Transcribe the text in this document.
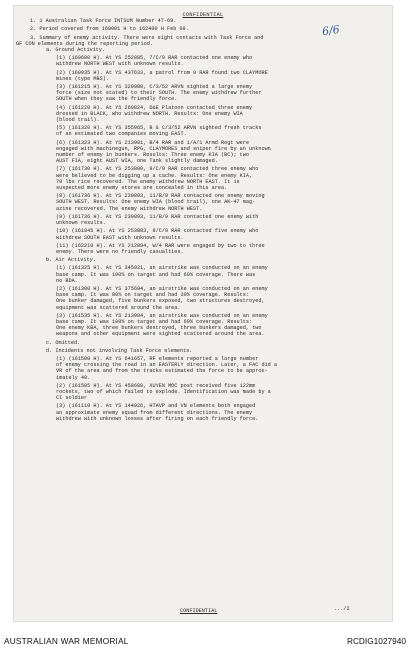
CONFIDENTIAL
1. 1 Australian Task Force INTSUM Number 47-69.
2. Period covered from 160001 H to 162400 H Feb 69.
3. Summary of enemy activity. There were eight contacts with Task Force and
GF CON elements during the reporting period.
a. Ground Activity.
(1) (160600 H). At YS 252885, 7/C/9 RAR contacted one enemy who
withdrew NORTH WEST with unknown results.
(2) (160935 H). At YS 437633, a patrol from 9 RAR found two CLAYMORE
mines (type MBS).
(3) (161215 H). At YS 329980, C/3/52 ARVN sighted a large enemy
force (size not stated) to their SOUTH. The enemy withdrew further
SOUTH when they saw the friendly force.
(4) (161220 H). At YS 269824, D&E Platoon contacted three enemy
dressed in BLACK, who withdrew NORTH. Results: One enemy WIA
(blood trail).
(5) (161320 H). At YS 355965, B & C/3/52 ARVN sighted fresh tracks
of an estimated two companies moving EAST.
(6) (161323 H). At YS 213901, B/4 RAR and 1/A/1 Armd Regt were
engaged with machinegun, RPG, CLAYMORES and sniper fire by an unknown
number of enemy in bunkers. Results: Three enemy KIA (BC); two
AUST FIA, eight AUST WIA, one Tank slightly damaged.
(7) (161730 H). At YS 253800, 9/C/9 RAR contacted three enemy who
were believed to be digging up a cache. Results: One enemy KIA,
70 lbs rice recovered. The enemy withdrew NORTH EAST. It is
suspected more enemy stores are concealed in this area.
(8) (161736 H). At YS 239893, 11/B/9 RAR contacted one enemy moving
SOUTH WEST. Results: One enemy WIA (blood trail), one AK-47 mag-
azine recovered. The enemy withdrew NORTH WEST.
(9) (161736 H). At YS 239893, 11/B/9 RAR contacted one enemy with
unknown results.
(10) (161845 H). At YS 253883, 8/C/9 RAR contacted five enemy who
withdrew SOUTH EAST with unknown results.
(11) (162210 H). At YS 212894, W/4 RAR were engaged by two to three
enemy. There were no friendly casualties.
b. Air Activity.
(1) (161325 H). At YS 345921, an airstrike was conducted on an enemy
base camp. It was 100% on target and had 60% coverage. There was
no BDA.
(2) (161300 H). At YS 375694, an airstrike was conducted on an enemy
base camp. It was 80% on target and had 30% coverage. Results:
One bunker damaged, five bunkers exposed, two structures destroyed,
equipment was scattered around the area.
(3) (161535 H). At YS 213904, an airstrike was conducted on an enemy
base camp. It was 100% on target and had 60% coverage. Results:
One enemy KBA, three bunkers destroyed, three bunkers damaged, two
weapons and other equipment were sighted scattered around the area.
c. Omitted.
d. Incidents not involving Task Force elements.
(1) (161500 H). At YS 641657, RF elements reported a large number
of enemy crossing the road in an EASTERLY direction. Later, a FAC did a
VR of the area and from the tracks estimated the force to be approx-
imately 40.
(2) (161505 H). At YS 458688, XUYEN MOC post received five 122mm
rockets, two of which failed to explode. Identification was made by a
CI soldier
(3) (161110 H). At YS 144926, HTAVP and VN elements both engaged
an approximate enemy squad from different directions. The enemy
withdrew with unknown losses after firing on each friendly force.
6/6
CONFIDENTIAL	.../2
AUSTRALIAN WAR MEMORIAL	RCDIG1027940
